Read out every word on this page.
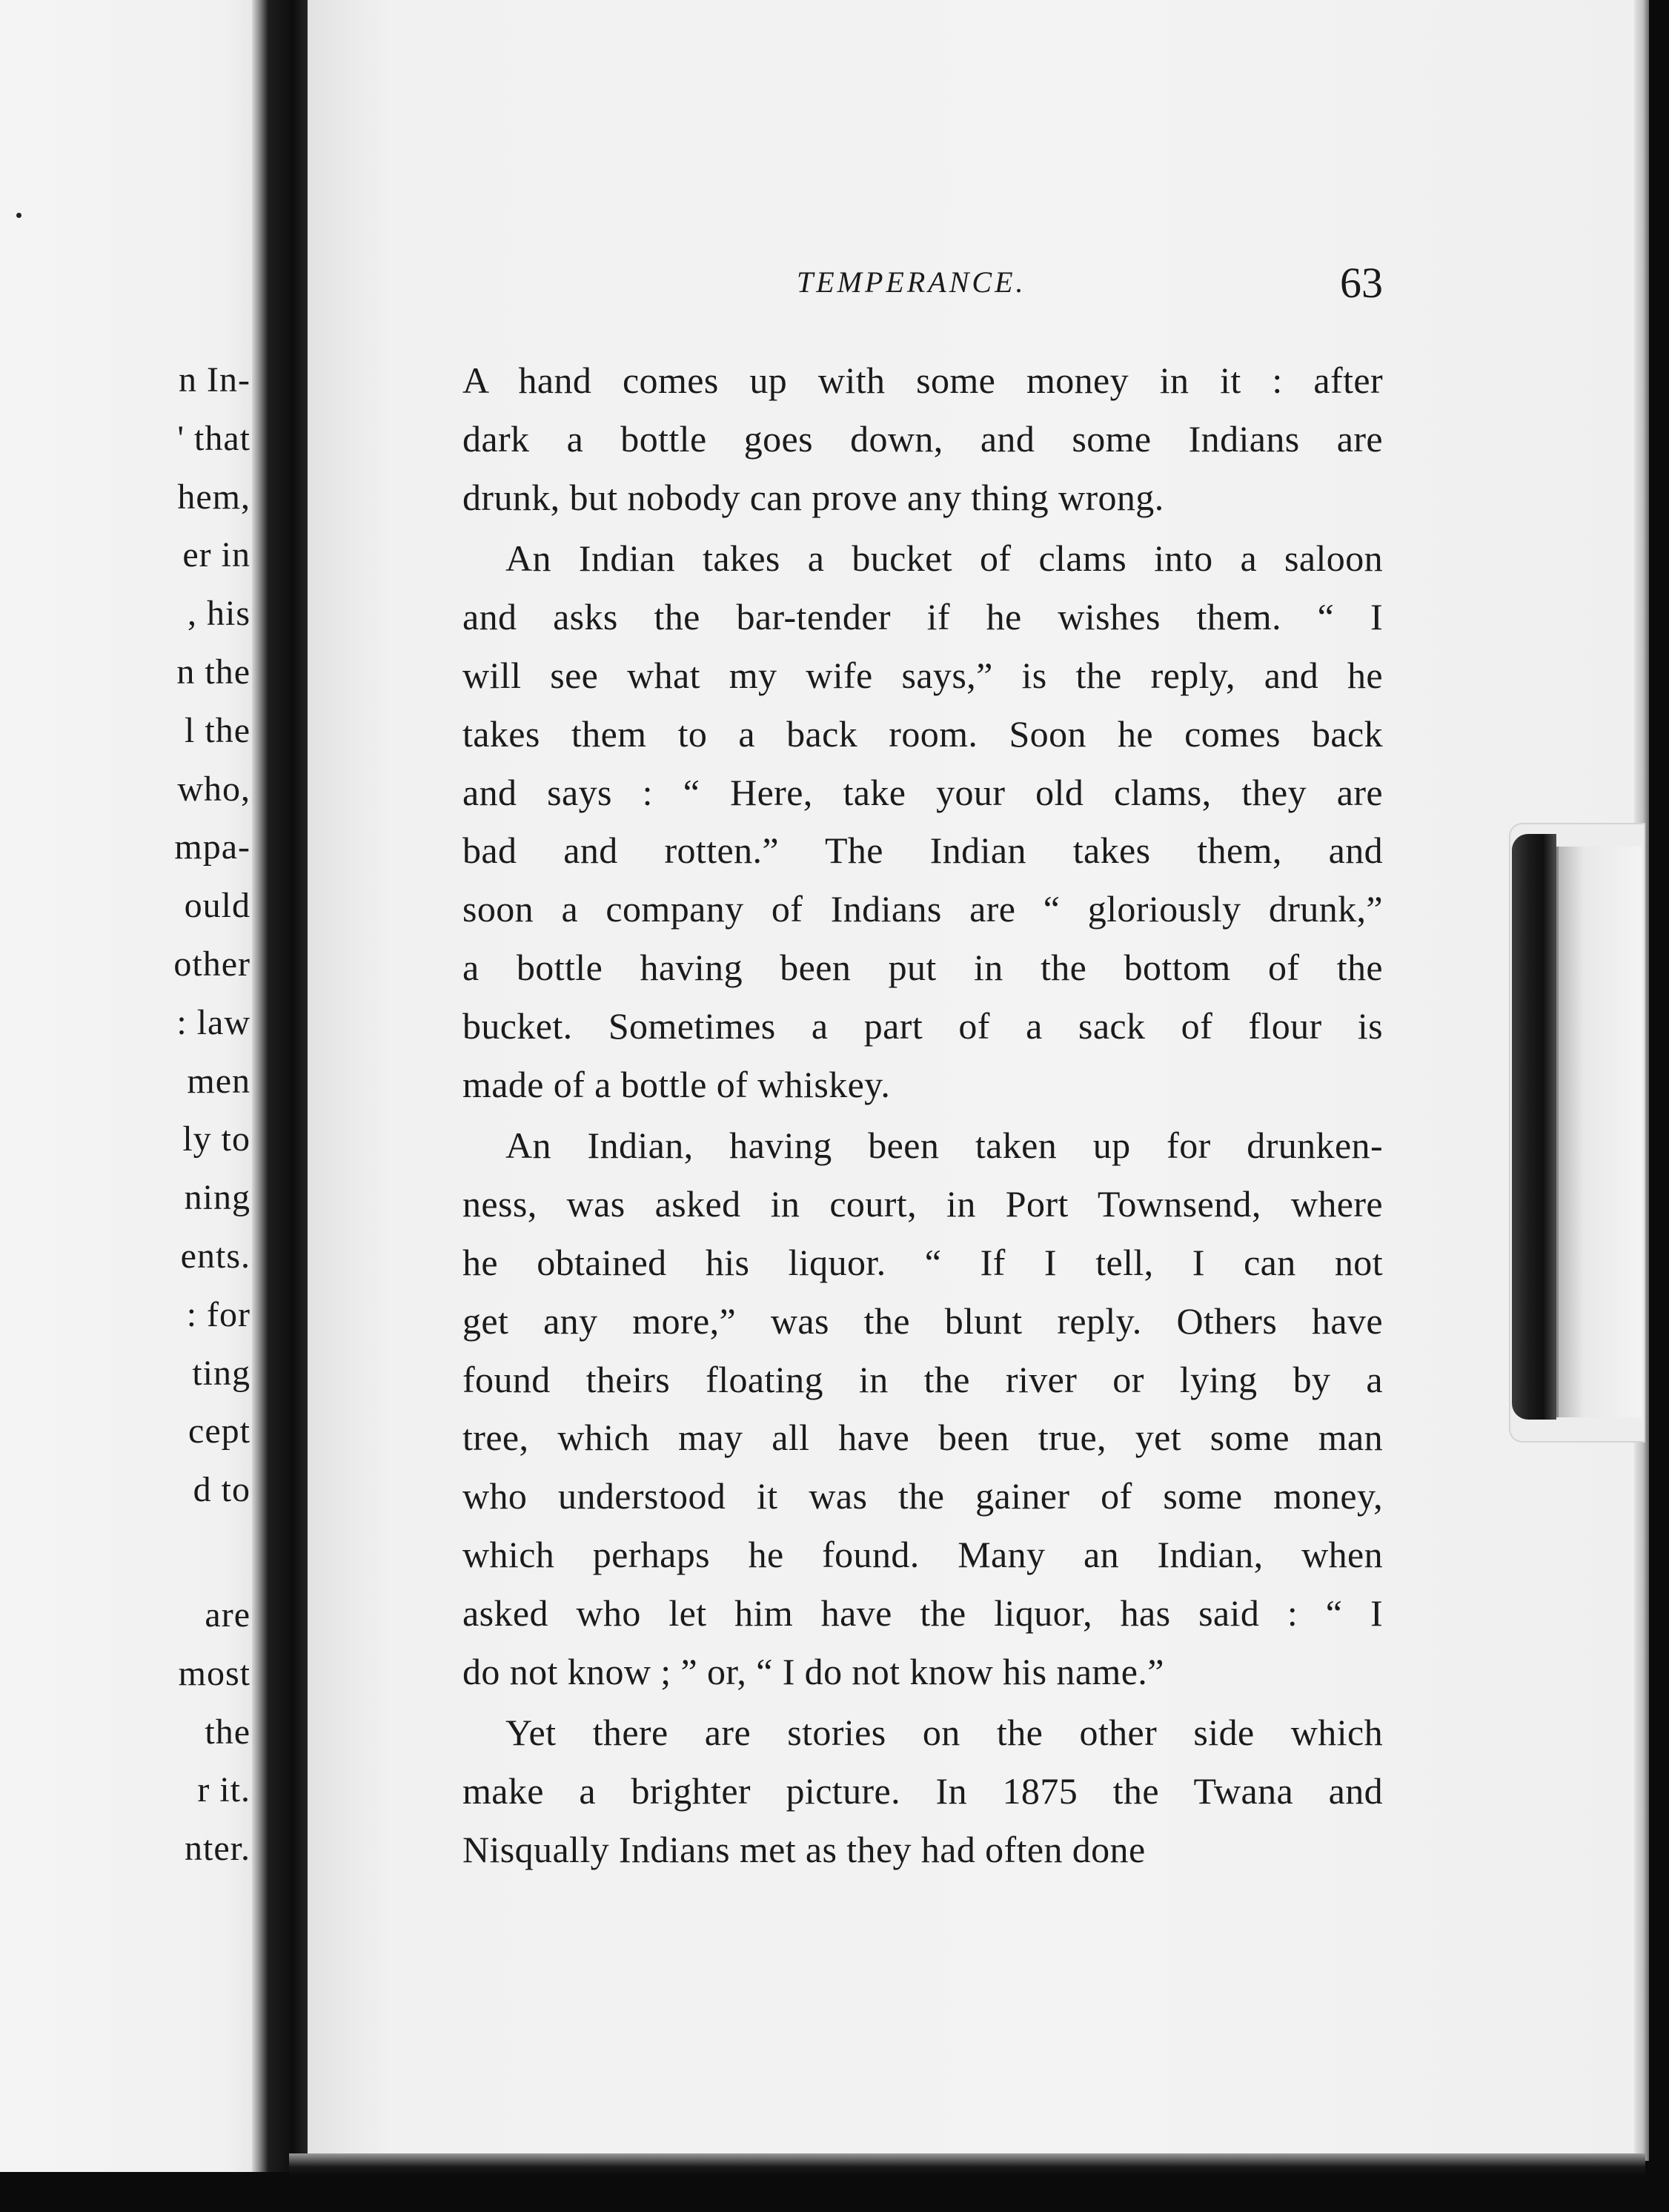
n In-
' that
hem,
er in
, his
n the
l the
who,
mpa-
ould
other
: law
men
ly to
ning
ents.
: for
ting
cept
d to
are
most
the
r it.
nter.
TEMPERANCE.	63
A hand comes up with some money in it : after
dark a bottle goes down, and some Indians are
drunk, but nobody can prove any thing wrong.
An Indian takes a bucket of clams into a saloon
and asks the bar-tender if he wishes them. “ I
will see what my wife says,” is the reply, and he
takes them to a back room. Soon he comes back
and says : “ Here, take your old clams, they are
bad and rotten.” The Indian takes them, and
soon a company of Indians are “ gloriously drunk,”
a bottle having been put in the bottom of the
bucket. Sometimes a part of a sack of flour is
made of a bottle of whiskey.
An Indian, having been taken up for drunken-
ness, was asked in court, in Port Townsend, where
he obtained his liquor. “ If I tell, I can not
get any more,” was the blunt reply. Others have
found theirs floating in the river or lying by a
tree, which may all have been true, yet some man
who understood it was the gainer of some money,
which perhaps he found. Many an Indian, when
asked who let him have the liquor, has said : “ I
do not know ; ” or, “ I do not know his name.”
Yet there are stories on the other side which
make a brighter picture. In 1875 the Twana and
Nisqually Indians met as they had often done
